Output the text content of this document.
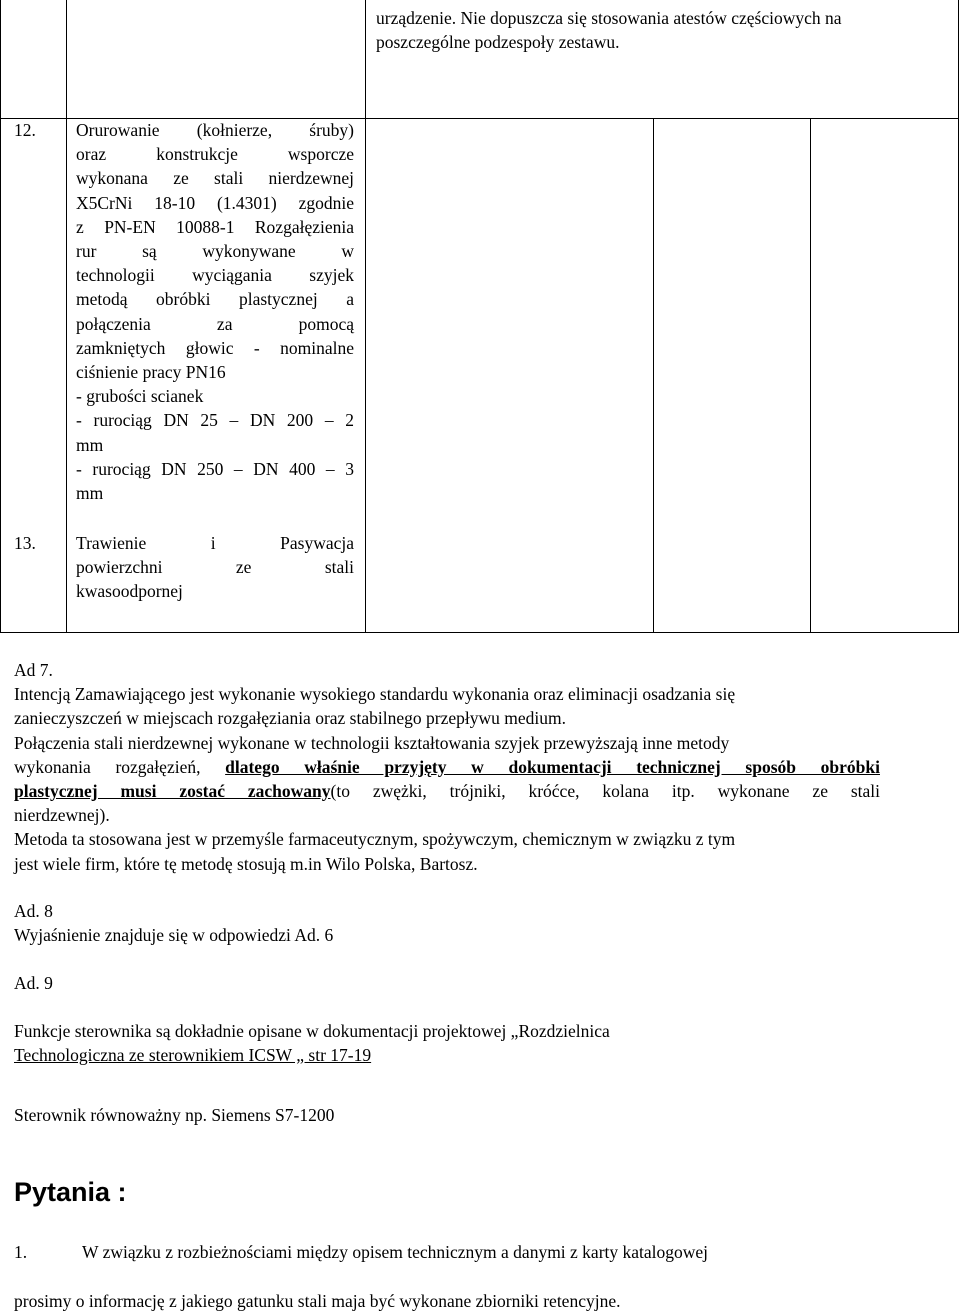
urządzenie. Nie dopuszcza się stosowania atestów częściowych na
poszczególne podzespoły zestawu.
12. Orurowanie (kołnierze, śruby)
oraz konstrukcje wsporcze
wykonana ze stali nierdzewnej
X5CrNi 18-10 (1.4301) zgodnie
z PN-EN 10088-1 Rozgałęzienia
rur są wykonywane w
technologii wyciągania szyjek
metodą obróbki plastycznej a
połączenia za pomocą
zamkniętych głowic - nominalne
ciśnienie pracy PN16
- grubości scianek
- rurociąg DN 25 – DN 200 – 2
mm
- rurociąg DN 250 – DN 400 – 3
mm
13. Trawienie i Pasywacja
powierzchni ze stali
kwasoodpornej
Ad 7.
Intencją Zamawiającego jest wykonanie wysokiego standardu wykonania oraz eliminacji osadzania się
zanieczyszczeń w miejscach rozgałęziania oraz stabilnego przepływu medium.
Połączenia stali nierdzewnej wykonane w technologii kształtowania szyjek przewyższają inne metody
wykonania rozgałęzień, dlatego właśnie przyjęty w dokumentacji technicznej sposób obróbki
plastycznej musi zostać zachowany(to zwężki, trójniki, króćce, kolana itp. wykonane ze stali
nierdzewnej).
Metoda ta stosowana jest w przemyśle farmaceutycznym, spożywczym, chemicznym w związku z tym
jest wiele firm, które tę metodę stosują m.in Wilo Polska, Bartosz.
Ad. 8
Wyjaśnienie znajduje się w odpowiedzi Ad. 6
Ad. 9
Funkcje sterownika są dokładnie opisane w dokumentacji projektowej „Rozdzielnica
Technologiczna ze sterownikiem ICSW „ str 17-19
Sterownik równoważny np. Siemens S7-1200
Pytania :
1.	W związku z rozbieżnościami między opisem technicznym a danymi z karty katalogowej
prosimy o informację z jakiego gatunku stali maja być wykonane zbiorniki retencyjne.
